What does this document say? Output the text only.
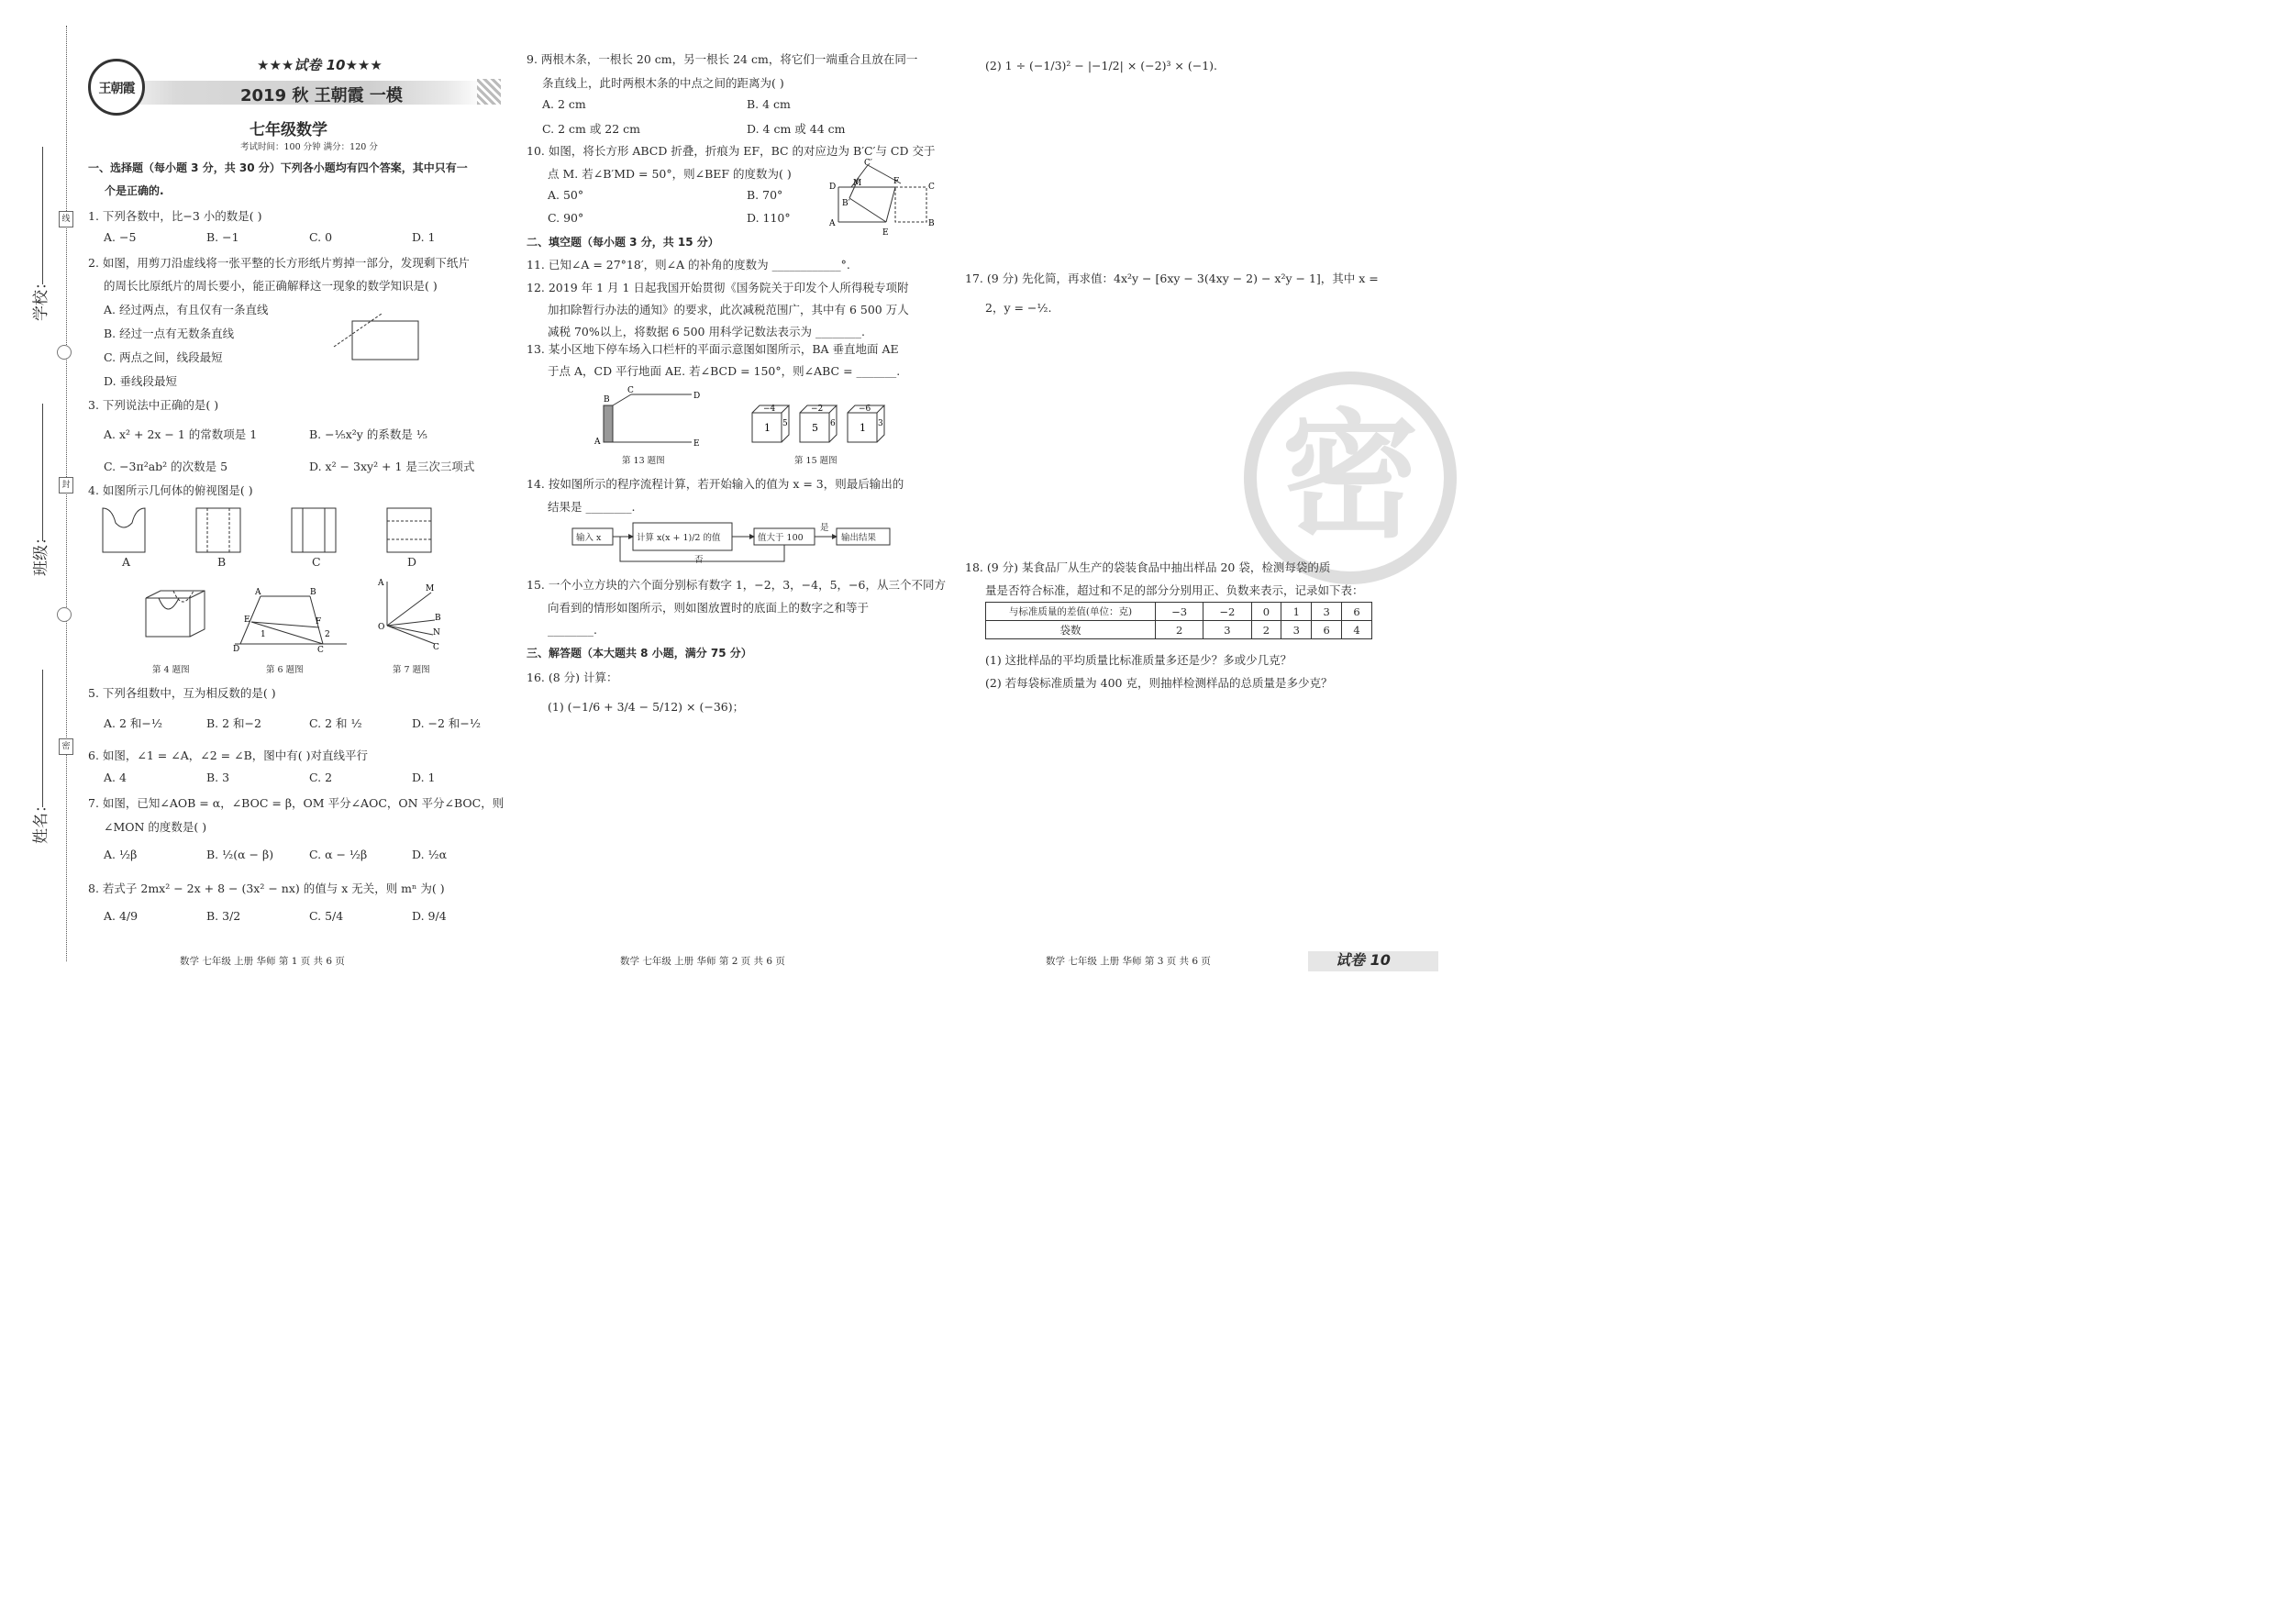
学校：
班级：
姓名：
线
封
密
王朝霞
★★★试卷 10★★★
2019 秋 王朝霞 一模
七年级数学
考试时间：100 分钟 满分：120 分
一、选择题（每小题 3 分，共 30 分）下列各小题均有四个答案，其中只有一
个是正确的.
1. 下列各数中，比−3 小的数是( )
A. −5	B. −1	C. 0	D. 1
2. 如图，用剪刀沿虚线将一张平整的长方形纸片剪掉一部分，发现剩下纸片
的周长比原纸片的周长要小，能正确解释这一现象的数学知识是( )
A. 经过两点，有且仅有一条直线
B. 经过一点有无数条直线
C. 两点之间，线段最短
D. 垂线段最短
3. 下列说法中正确的是( )
A. x² + 2x − 1 的常数项是 1	B. −⅕x²y 的系数是 ⅕
C. −3π²ab² 的次数是 5	D. x² − 3xy² + 1 是三次三项式
4. 如图所示几何体的俯视图是( )
A	B	C	D
A	B
E	F
D	C
1	2
A
M
O
B
N
C
第 4 题图	第 6 题图	第 7 题图
5. 下列各组数中，互为相反数的是( )
A. 2 和−½	B. 2 和−2	C. 2 和 ½	D. −2 和−½
6. 如图，∠1 = ∠A，∠2 = ∠B，图中有( )对直线平行
A. 4	B. 3	C. 2	D. 1
7. 如图，已知∠AOB = α，∠BOC = β，OM 平分∠AOC，ON 平分∠BOC，则
∠MON 的度数是( )
A. ½β	B. ½(α − β)	C. α − ½β	D. ½α
8. 若式子 2mx² − 2x + 8 − (3x² − nx) 的值与 x 无关，则 mⁿ 为( )
A. 4/9	B. 3/2	C. 5/4	D. 9/4
数学 七年级 上册 华师 第 1 页 共 6 页
9. 两根木条，一根长 20 cm，另一根长 24 cm，将它们一端重合且放在同一
条直线上，此时两根木条的中点之间的距离为( )
A. 2 cm	B. 4 cm
C. 2 cm 或 22 cm	D. 4 cm 或 44 cm
10. 如图，将长方形 ABCD 折叠，折痕为 EF，BC 的对应边为 B′C′与 CD 交于
点 M. 若∠B′MD = 50°，则∠BEF 的度数为( )
A. 50°	B. 70°
C. 90°	D. 110°
D	C
A	B
C′
F
M
B′
E
二、填空题（每小题 3 分，共 15 分）
11. 已知∠A = 27°18′，则∠A 的补角的度数为 ____________°.
12. 2019 年 1 月 1 日起我国开始贯彻《国务院关于印发个人所得税专项附
加扣除暂行办法的通知》的要求，此次减税范围广，其中有 6 500 万人
减税 70%以上，将数据 6 500 用科学记数法表示为 ________.
13. 某小区地下停车场入口栏杆的平面示意图如图所示，BA 垂直地面 AE
于点 A，CD 平行地面 AE. 若∠BCD = 150°，则∠ABC = _______.
B
C
D
A	E
−4
1 5
−2
5 6
−6
1 3
第 13 题图	第 15 题图
14. 按如图所示的程序流程计算，若开始输入的值为 x = 3，则最后输出的
结果是 ________.
输入 x	计算 x(x + 1)/2 的值	值大于 100
是
否
输出结果
15. 一个小立方块的六个面分别标有数字 1，−2，3，−4，5，−6，从三个不同方
向看到的情形如图所示，则如图放置时的底面上的数字之和等于
________.
三、解答题（本大题共 8 小题，满分 75 分）
16. (8 分) 计算：
(1) (−1/6 + 3/4 − 5/12) × (−36)；
数学 七年级 上册 华师 第 2 页 共 6 页
(2) 1 ÷ (−1/3)² − |−1/2| × (−2)³ × (−1).
密
17. (9 分) 先化简，再求值：4x²y − [6xy − 3(4xy − 2) − x²y − 1]，其中 x =
2，y = −½.
18. (9 分) 某食品厂从生产的袋装食品中抽出样品 20 袋，检测每袋的质
量是否符合标准，超过和不足的部分分别用正、负数来表示，记录如下表：
与标准质量的差值(单位：克)	−3	−2	0	1	3	6
袋数	2	3	2	3	6	4
(1) 这批样品的平均质量比标准质量多还是少？多或少几克？
(2) 若每袋标准质量为 400 克，则抽样检测样品的总质量是多少克？
数学 七年级 上册 华师 第 3 页 共 6 页	试卷 10
